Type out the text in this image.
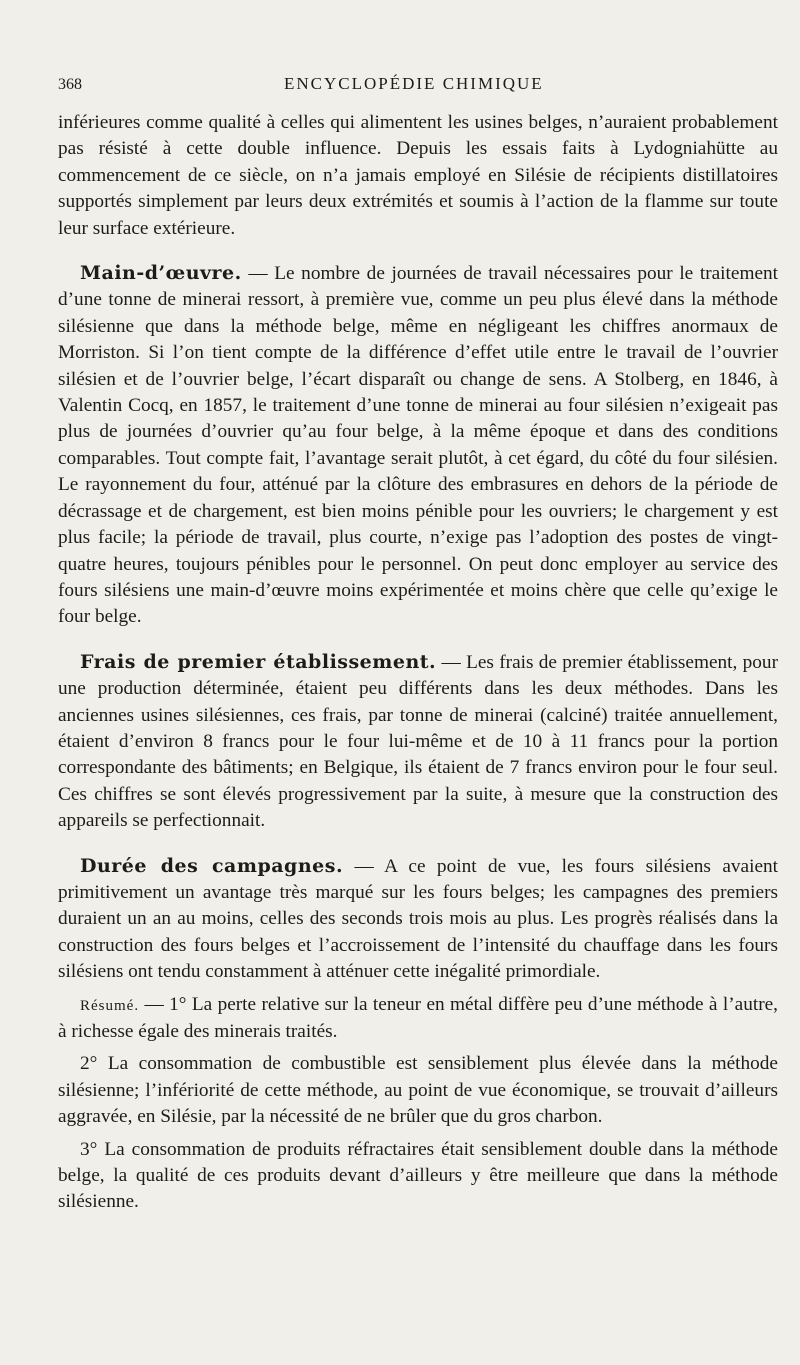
368	ENCYCLOPÉDIE CHIMIQUE

inférieures comme qualité à celles qui alimentent les usines belges, n’auraient probablement pas résisté à cette double influence. Depuis les essais faits à Lydogniahütte au commencement de ce siècle, on n’a jamais employé en Silésie de récipients distillatoires supportés simplement par leurs deux extrémités et soumis à l’action de la flamme sur toute leur surface extérieure.

Main-d’œuvre. — Le nombre de journées de travail nécessaires pour le traitement d’une tonne de minerai ressort, à première vue, comme un peu plus élevé dans la méthode silésienne que dans la méthode belge, même en négligeant les chiffres anormaux de Morriston. Si l’on tient compte de la différence d’effet utile entre le travail de l’ouvrier silésien et de l’ouvrier belge, l’écart disparaît ou change de sens. A Stolberg, en 1846, à Valentin Cocq, en 1857, le traitement d’une tonne de minerai au four silésien n’exigeait pas plus de journées d’ouvrier qu’au four belge, à la même époque et dans des conditions comparables. Tout compte fait, l’avantage serait plutôt, à cet égard, du côté du four silésien. Le rayonnement du four, atténué par la clôture des embrasures en dehors de la période de décrassage et de chargement, est bien moins pénible pour les ouvriers; le chargement y est plus facile; la période de travail, plus courte, n’exige pas l’adoption des postes de vingt-quatre heures, toujours pénibles pour le personnel. On peut donc employer au service des fours silésiens une main-d’œuvre moins expérimentée et moins chère que celle qu’exige le four belge.

Frais de premier établissement. — Les frais de premier établissement, pour une production déterminée, étaient peu différents dans les deux méthodes. Dans les anciennes usines silésiennes, ces frais, par tonne de minerai (calciné) traitée annuellement, étaient d’environ 8 francs pour le four lui-même et de 10 à 11 francs pour la portion correspondante des bâtiments; en Belgique, ils étaient de 7 francs environ pour le four seul. Ces chiffres se sont élevés progressivement par la suite, à mesure que la construction des appareils se perfectionnait.

Durée des campagnes. — A ce point de vue, les fours silésiens avaient primitivement un avantage très marqué sur les fours belges; les campagnes des premiers duraient un an au moins, celles des seconds trois mois au plus. Les progrès réalisés dans la construction des fours belges et l’accroissement de l’intensité du chauffage dans les fours silésiens ont tendu constamment à atténuer cette inégalité primordiale.

Résumé. — 1° La perte relative sur la teneur en métal diffère peu d’une méthode à l’autre, à richesse égale des minerais traités.

2° La consommation de combustible est sensiblement plus élevée dans la méthode silésienne; l’infériorité de cette méthode, au point de vue économique, se trouvait d’ailleurs aggravée, en Silésie, par la nécessité de ne brûler que du gros charbon.

3° La consommation de produits réfractaires était sensiblement double dans la méthode belge, la qualité de ces produits devant d’ailleurs y être meilleure que dans la méthode silésienne.
